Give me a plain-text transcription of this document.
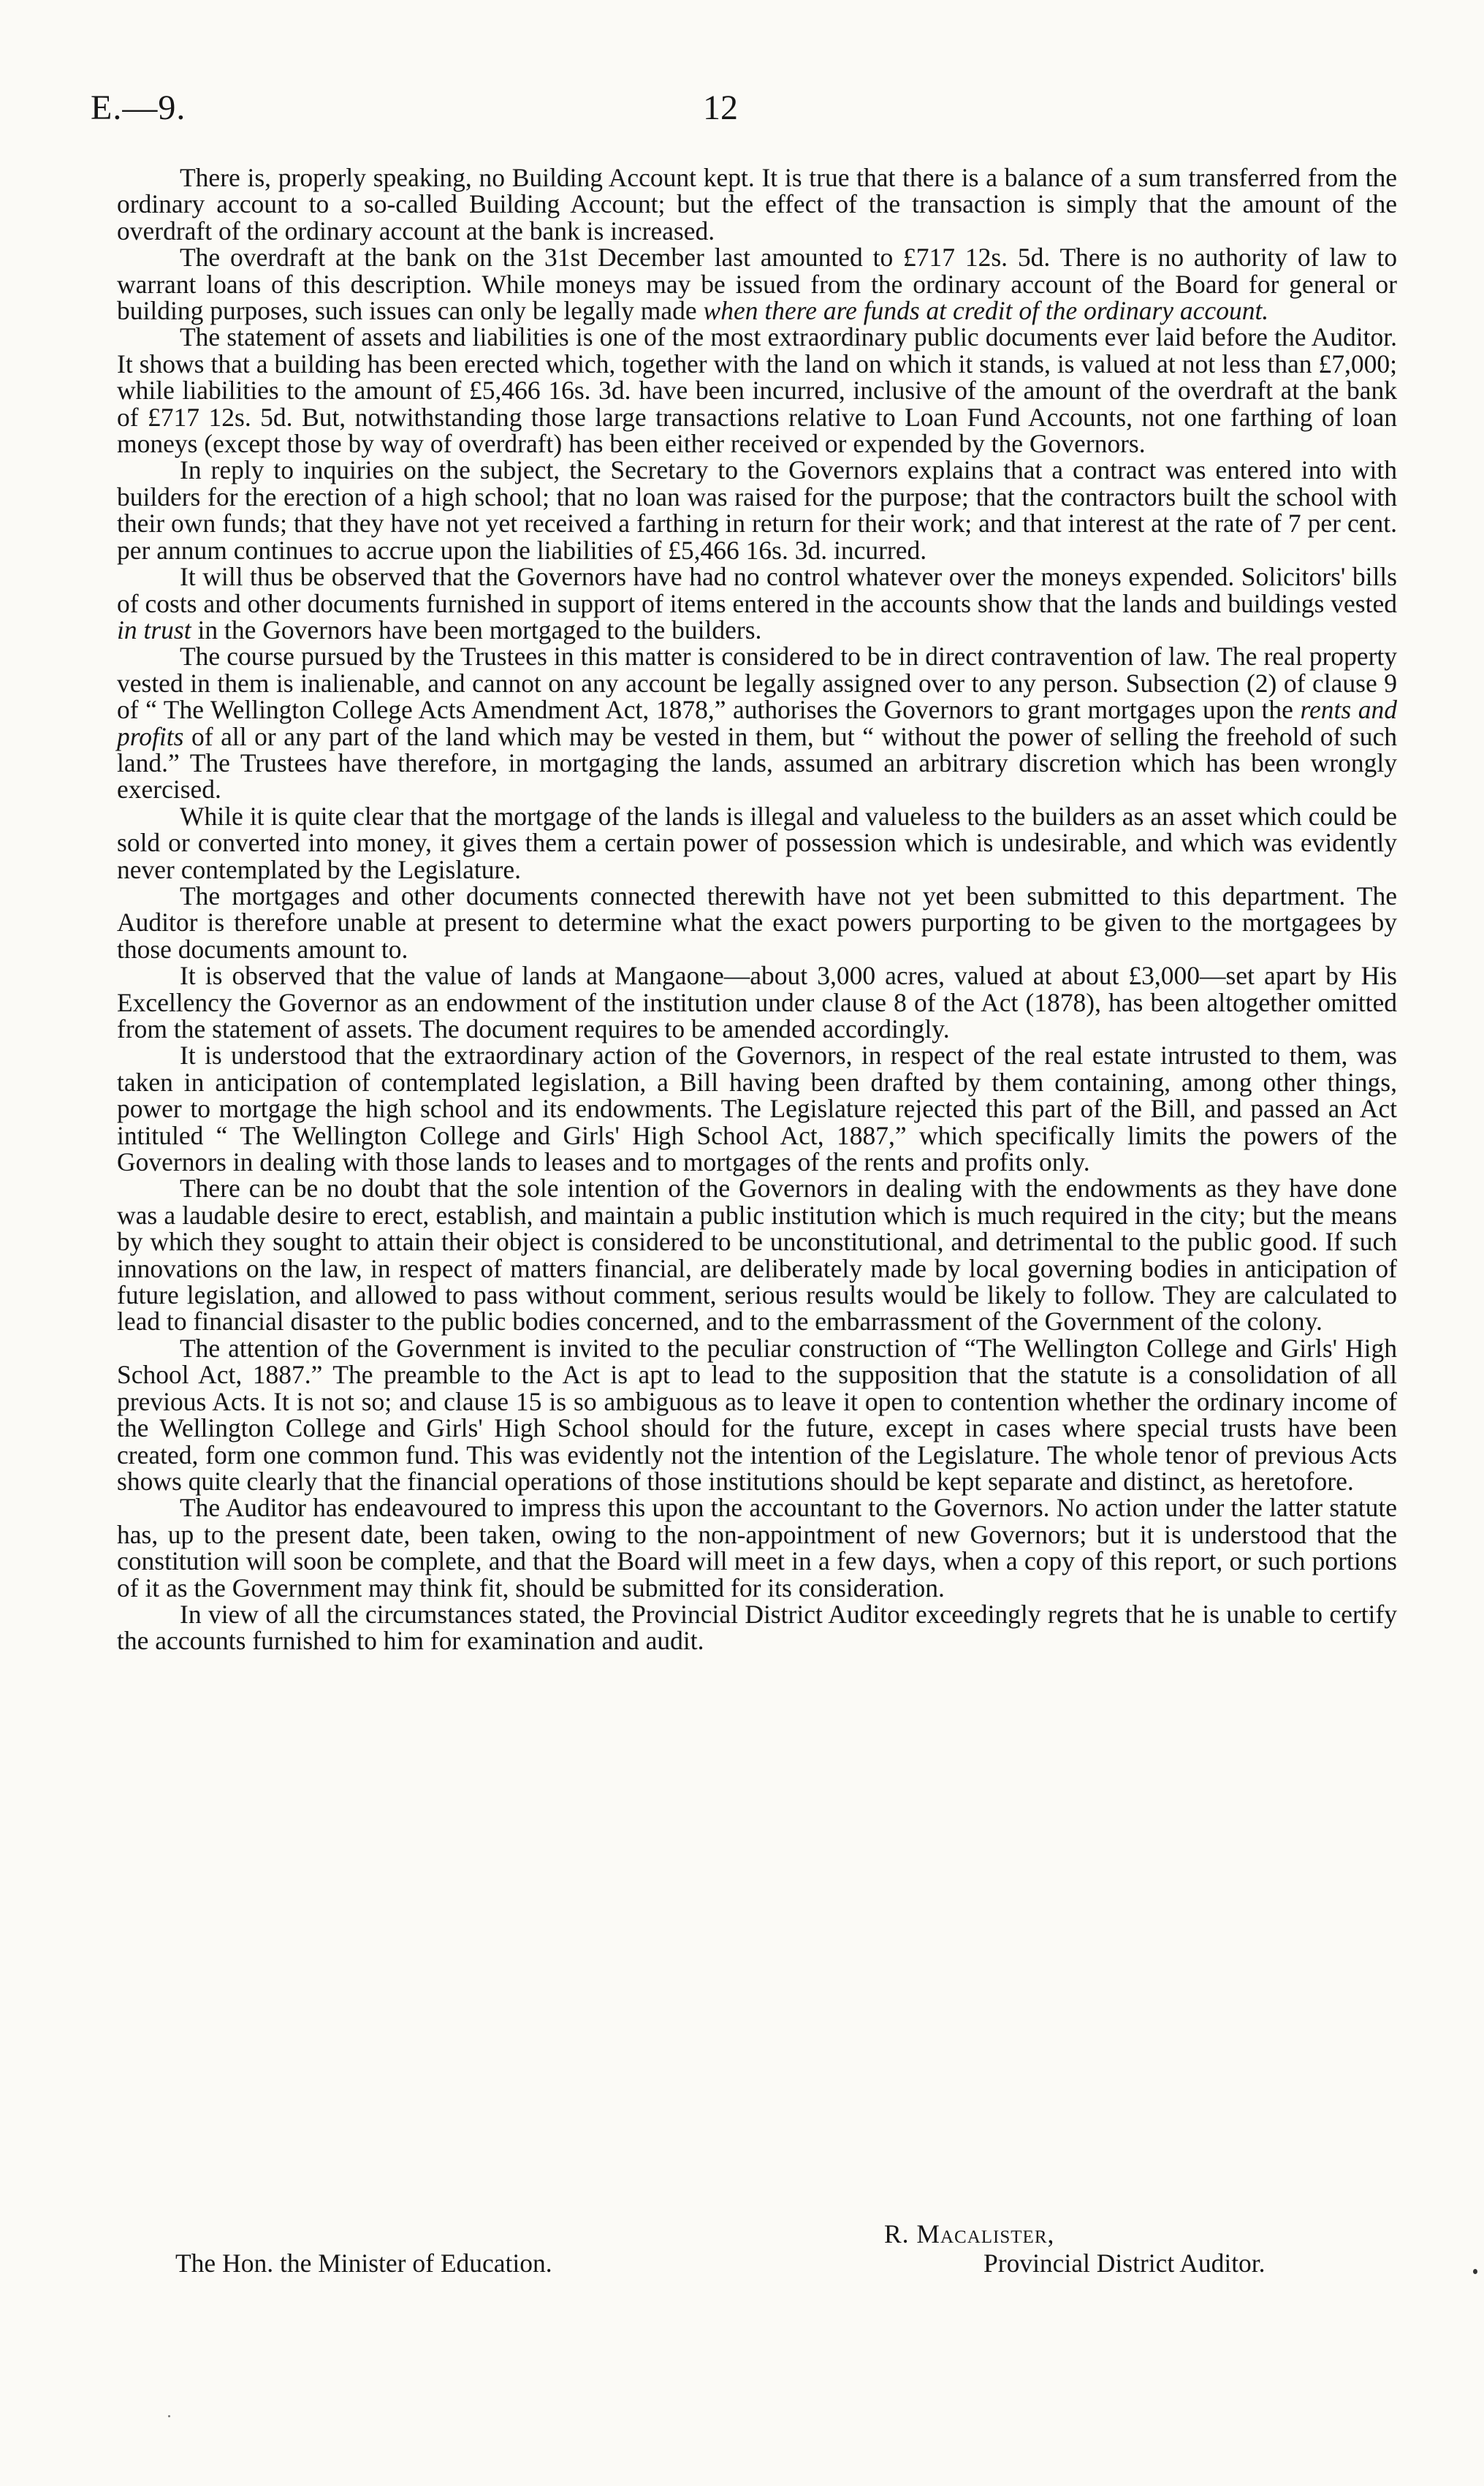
E.—9.	12

There is, properly speaking, no Building Account kept. It is true that there is a balance of a sum transferred from the ordinary account to a so-called Building Account; but the effect of the transaction is simply that the amount of the overdraft of the ordinary account at the bank is increased.

The overdraft at the bank on the 31st December last amounted to £717 12s. 5d. There is no authority of law to warrant loans of this description. While moneys may be issued from the ordinary account of the Board for general or building purposes, such issues can only be legally made when there are funds at credit of the ordinary account.

The statement of assets and liabilities is one of the most extraordinary public documents ever laid before the Auditor. It shows that a building has been erected which, together with the land on which it stands, is valued at not less than £7,000; while liabilities to the amount of £5,466 16s. 3d. have been incurred, inclusive of the amount of the overdraft at the bank of £717 12s. 5d. But, notwithstanding those large transactions relative to Loan Fund Accounts, not one farthing of loan moneys (except those by way of overdraft) has been either received or expended by the Governors.

In reply to inquiries on the subject, the Secretary to the Governors explains that a contract was entered into with builders for the erection of a high school; that no loan was raised for the purpose; that the contractors built the school with their own funds; that they have not yet received a farthing in return for their work; and that interest at the rate of 7 per cent. per annum continues to accrue upon the liabilities of £5,466 16s. 3d. incurred.

It will thus be observed that the Governors have had no control whatever over the moneys expended. Solicitors' bills of costs and other documents furnished in support of items entered in the accounts show that the lands and buildings vested in trust in the Governors have been mortgaged to the builders.

The course pursued by the Trustees in this matter is considered to be in direct contravention of law. The real property vested in them is inalienable, and cannot on any account be legally assigned over to any person. Subsection (2) of clause 9 of “ The Wellington College Acts Amendment Act, 1878,” authorises the Governors to grant mortgages upon the rents and profits of all or any part of the land which may be vested in them, but “ without the power of selling the freehold of such land.” The Trustees have therefore, in mortgaging the lands, assumed an arbitrary discretion which has been wrongly exercised.

While it is quite clear that the mortgage of the lands is illegal and valueless to the builders as an asset which could be sold or converted into money, it gives them a certain power of possession which is undesirable, and which was evidently never contemplated by the Legislature.

The mortgages and other documents connected therewith have not yet been submitted to this department. The Auditor is therefore unable at present to determine what the exact powers purporting to be given to the mortgagees by those documents amount to.

It is observed that the value of lands at Mangaone—about 3,000 acres, valued at about £3,000—set apart by His Excellency the Governor as an endowment of the institution under clause 8 of the Act (1878), has been altogether omitted from the statement of assets. The document requires to be amended accordingly.

It is understood that the extraordinary action of the Governors, in respect of the real estate intrusted to them, was taken in anticipation of contemplated legislation, a Bill having been drafted by them containing, among other things, power to mortgage the high school and its endowments. The Legislature rejected this part of the Bill, and passed an Act intituled “ The Wellington College and Girls' High School Act, 1887,” which specifically limits the powers of the Governors in dealing with those lands to leases and to mortgages of the rents and profits only.

There can be no doubt that the sole intention of the Governors in dealing with the endowments as they have done was a laudable desire to erect, establish, and maintain a public institution which is much required in the city; but the means by which they sought to attain their object is considered to be unconstitutional, and detrimental to the public good. If such innovations on the law, in respect of matters financial, are deliberately made by local governing bodies in anticipation of future legislation, and allowed to pass without comment, serious results would be likely to follow. They are calculated to lead to financial disaster to the public bodies concerned, and to the embarrassment of the Government of the colony.

The attention of the Government is invited to the peculiar construction of “The Wellington College and Girls' High School Act, 1887.” The preamble to the Act is apt to lead to the supposition that the statute is a consolidation of all previous Acts. It is not so; and clause 15 is so ambiguous as to leave it open to contention whether the ordinary income of the Wellington College and Girls' High School should for the future, except in cases where special trusts have been created, form one common fund. This was evidently not the intention of the Legislature. The whole tenor of previous Acts shows quite clearly that the financial operations of those institutions should be kept separate and distinct, as heretofore.

The Auditor has endeavoured to impress this upon the accountant to the Governors. No action under the latter statute has, up to the present date, been taken, owing to the non-appointment of new Governors; but it is understood that the constitution will soon be complete, and that the Board will meet in a few days, when a copy of this report, or such portions of it as the Government may think fit, should be submitted for its consideration.

In view of all the circumstances stated, the Provincial District Auditor exceedingly regrets that he is unable to certify the accounts furnished to him for examination and audit.

R. Macalister,
The Hon. the Minister of Education.	Provincial District Auditor.
